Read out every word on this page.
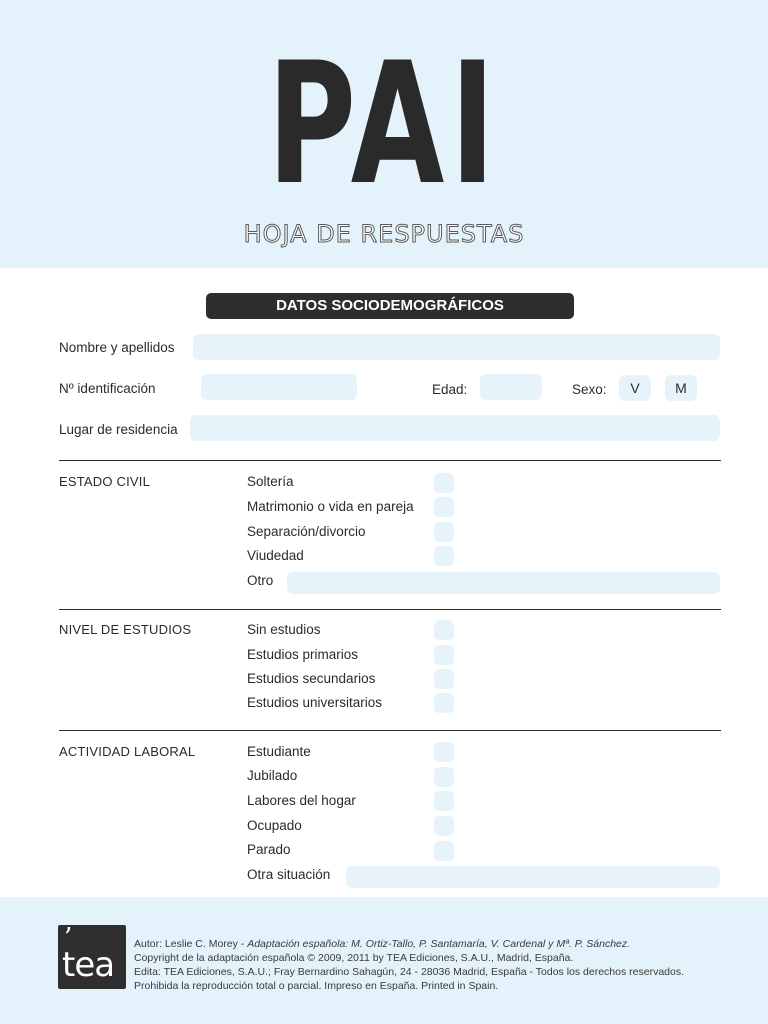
PAI
HOJA DE RESPUESTAS
DATOS SOCIODEMOGRÁFICOS
Nombre y apellidos
Nº identificación	Edad:	Sexo:	V	M
Lugar de residencia
ESTADO CIVIL	Soltería
Matrimonio o vida en pareja
Separación/divorcio
Viudedad
Otro
NIVEL DE ESTUDIOS	Sin estudios
Estudios primarios
Estudios secundarios
Estudios universitarios
ACTIVIDAD LABORAL	Estudiante
Jubilado
Labores del hogar
Ocupado
Parado
Otra situación
’
tea
Autor: Leslie C. Morey - Adaptación española: M. Ortiz-Tallo, P. Santamaría, V. Cardenal y Mª. P. Sánchez.
Copyright de la adaptación española © 2009, 2011 by TEA Ediciones, S.A.U., Madrid, España.
Edita: TEA Ediciones, S.A.U.; Fray Bernardino Sahagún, 24 - 28036 Madrid, España - Todos los derechos reservados.
Prohibida la reproducción total o parcial. Impreso en España. Printed in Spain.
